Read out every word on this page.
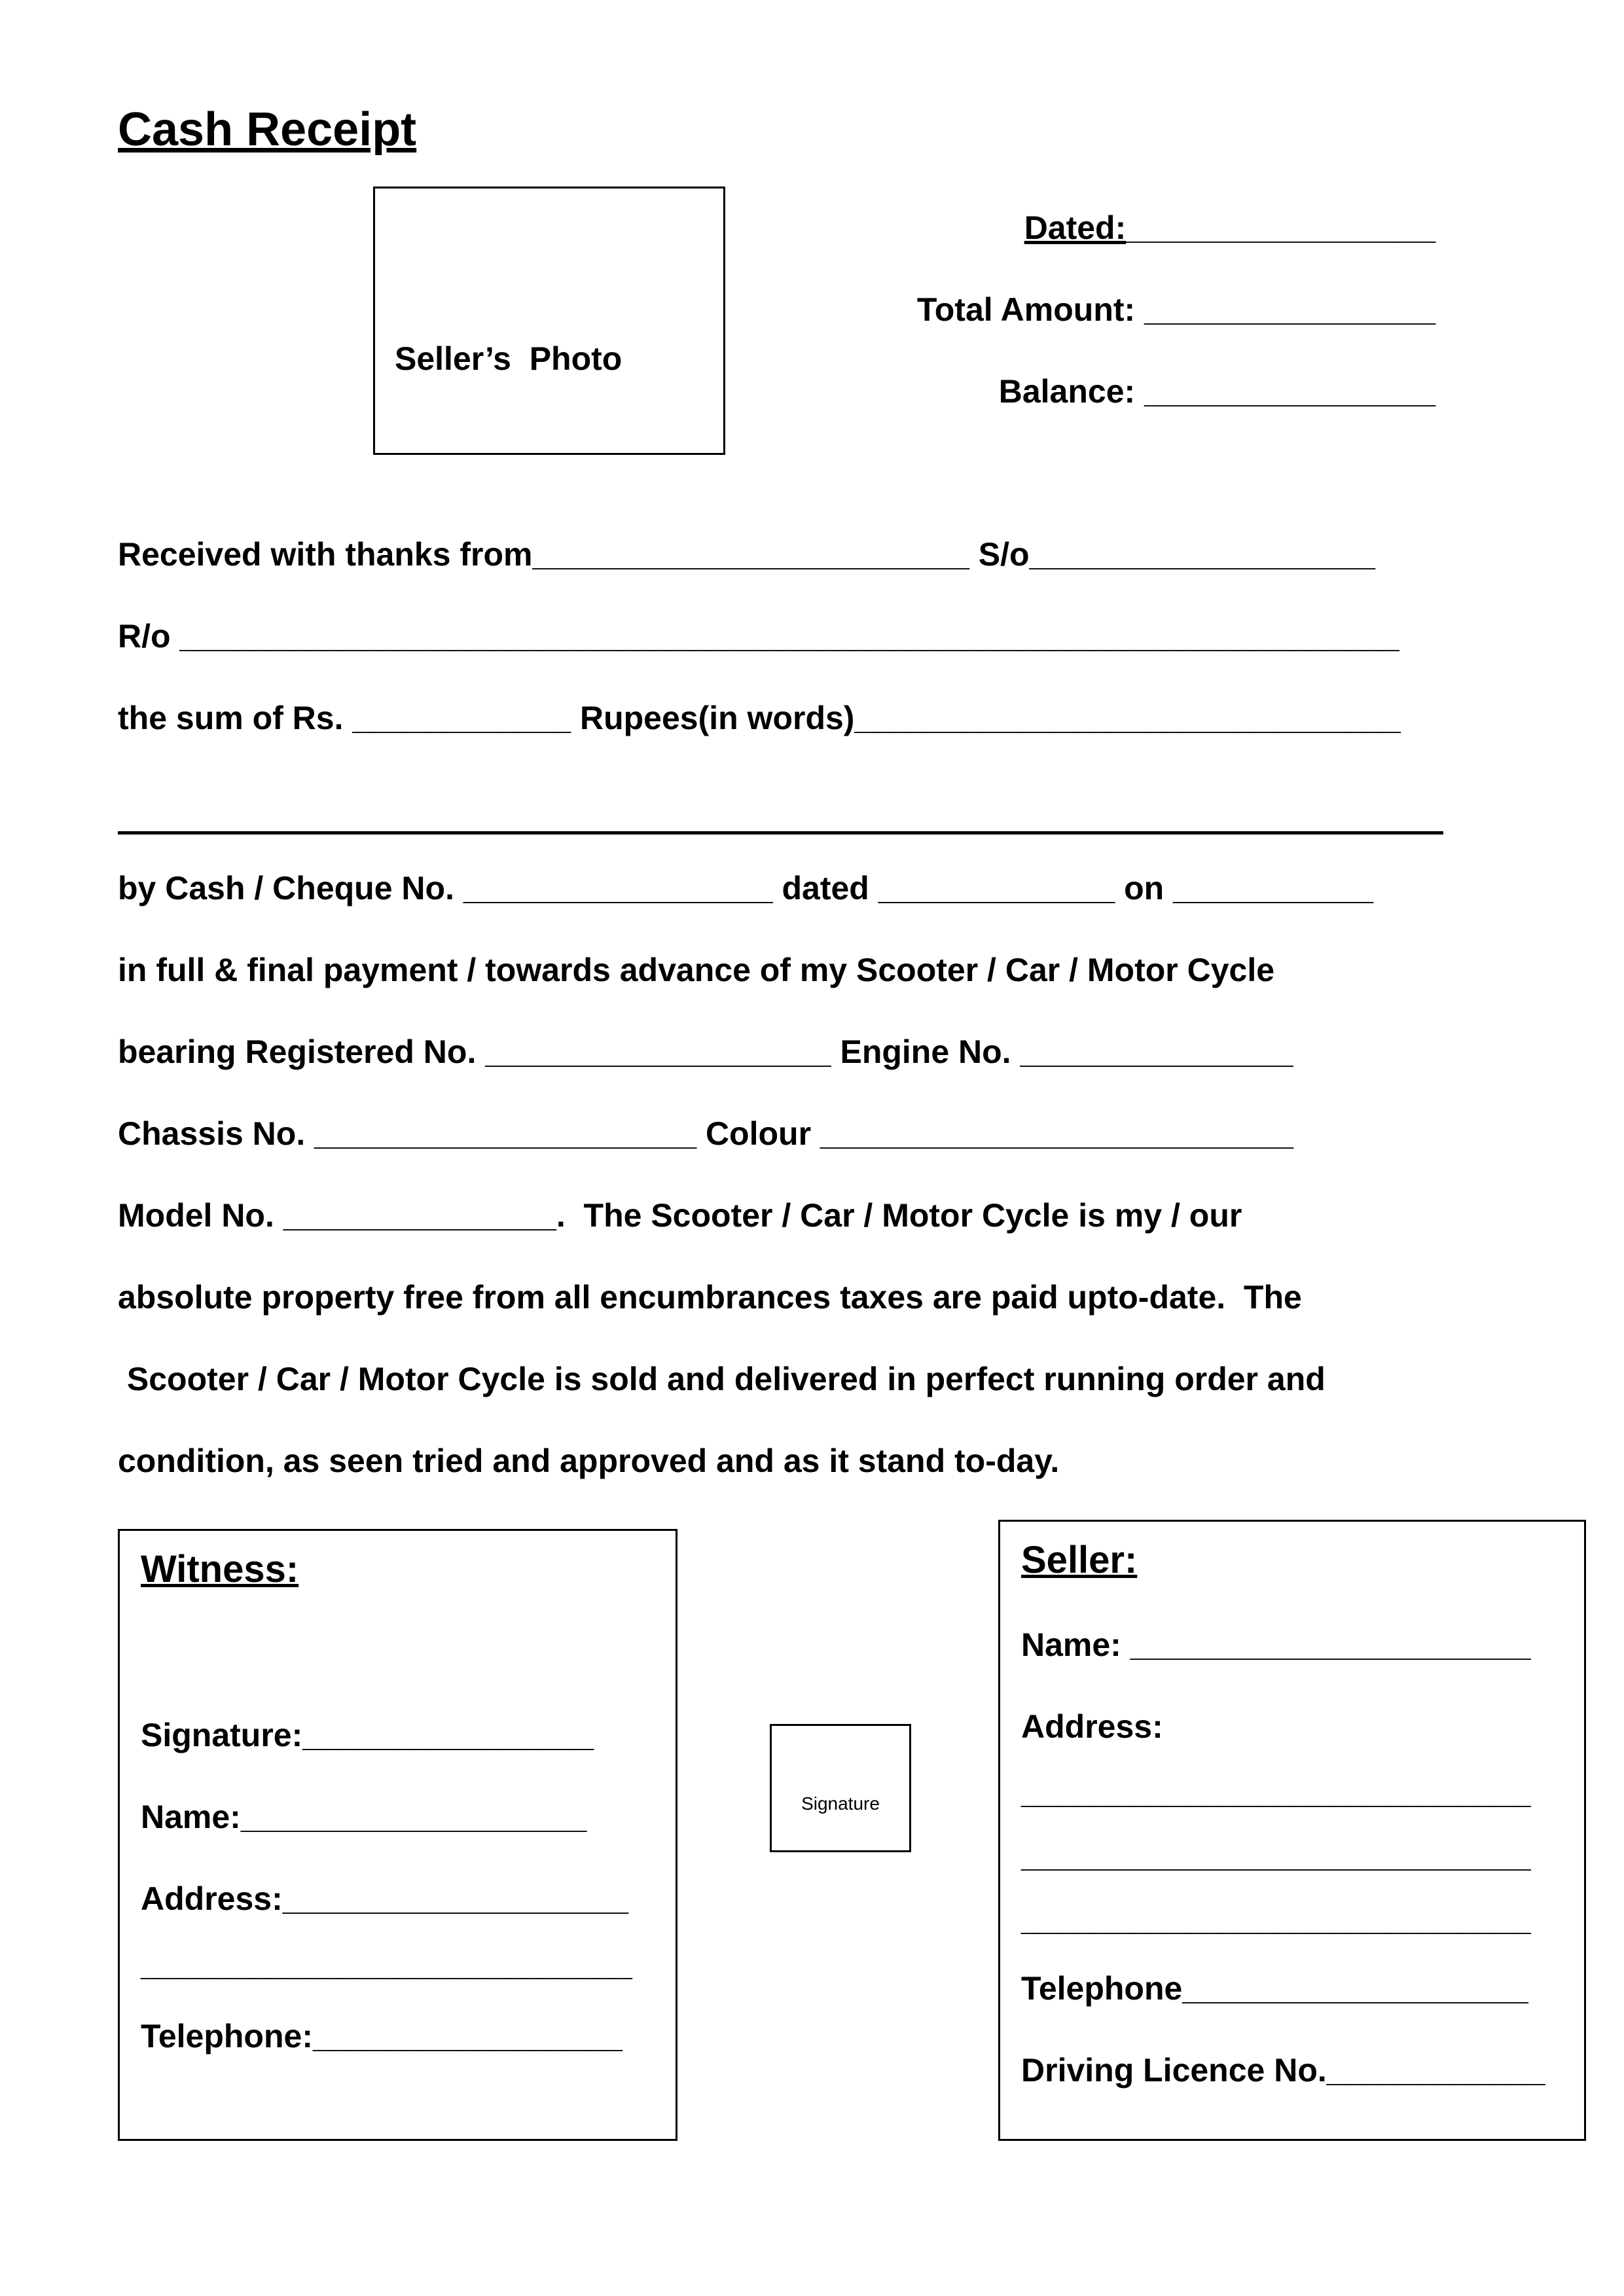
Cash Receipt
Seller’s  Photo
Dated:_________________
Total Amount: ________________
Balance: ________________
Received with thanks from________________________ S/o___________________
R/o ___________________________________________________________________
the sum of Rs. ____________ Rupees(in words)______________________________
by Cash / Cheque No. _________________ dated _____________ on ___________
in full & final payment / towards advance of my Scooter / Car / Motor Cycle
bearing Registered No. ___________________ Engine No. _______________
Chassis No. _____________________ Colour __________________________
Model No. _______________.  The Scooter / Car / Motor Cycle is my / our
absolute property free from all encumbrances taxes are paid upto-date.  The
Scooter / Car / Motor Cycle is sold and delivered in perfect running order and
condition, as seen tried and approved and as it stand to-day.
Witness:
Signature:________________
Name:___________________
Address:___________________
___________________________
Telephone:_________________
Signature
Seller:
Name: ______________________
Address:
____________________________
____________________________
____________________________
Telephone___________________
Driving Licence No.____________
